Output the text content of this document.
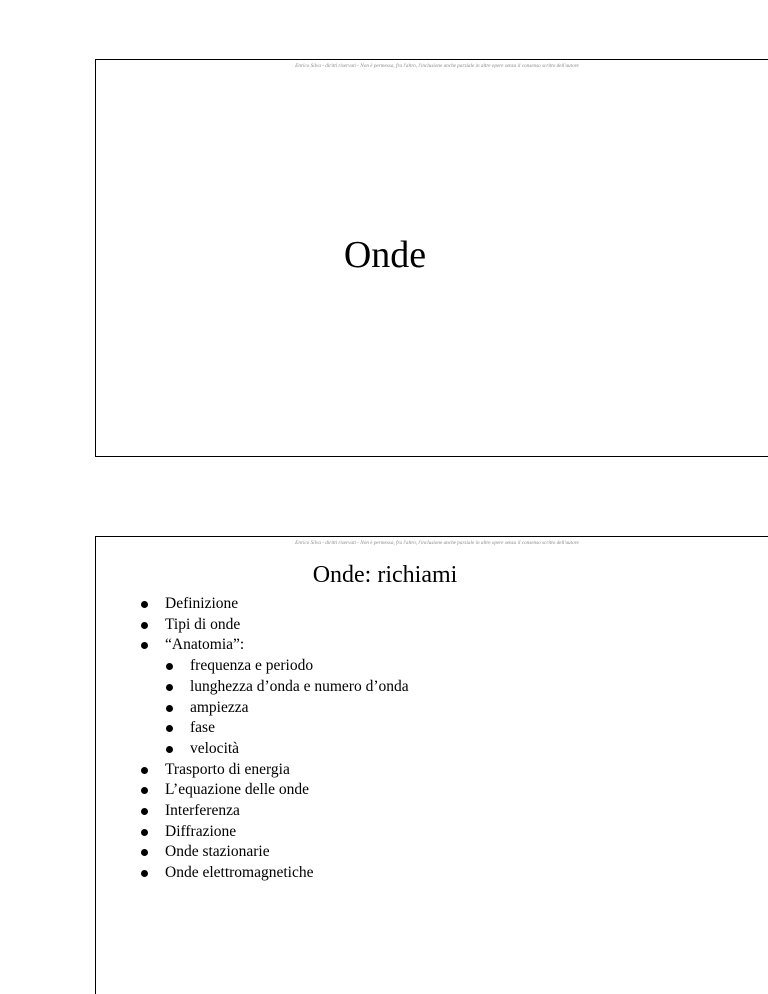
Enrico Silva - diritti riservati - Non è permessa, fra l'altro, l'inclusione anche parziale in altre opere senza il consenso scritto dell'autore
Onde
Enrico Silva - diritti riservati - Non è permessa, fra l'altro, l'inclusione anche parziale in altre opere senza il consenso scritto dell'autore
Onde: richiami
Definizione
Tipi di onde
“Anatomia”:
frequenza e periodo
lunghezza d’onda e numero d’onda
ampiezza
fase
velocità
Trasporto di energia
L’equazione delle onde
Interferenza
Diffrazione
Onde stazionarie
Onde elettromagnetiche
